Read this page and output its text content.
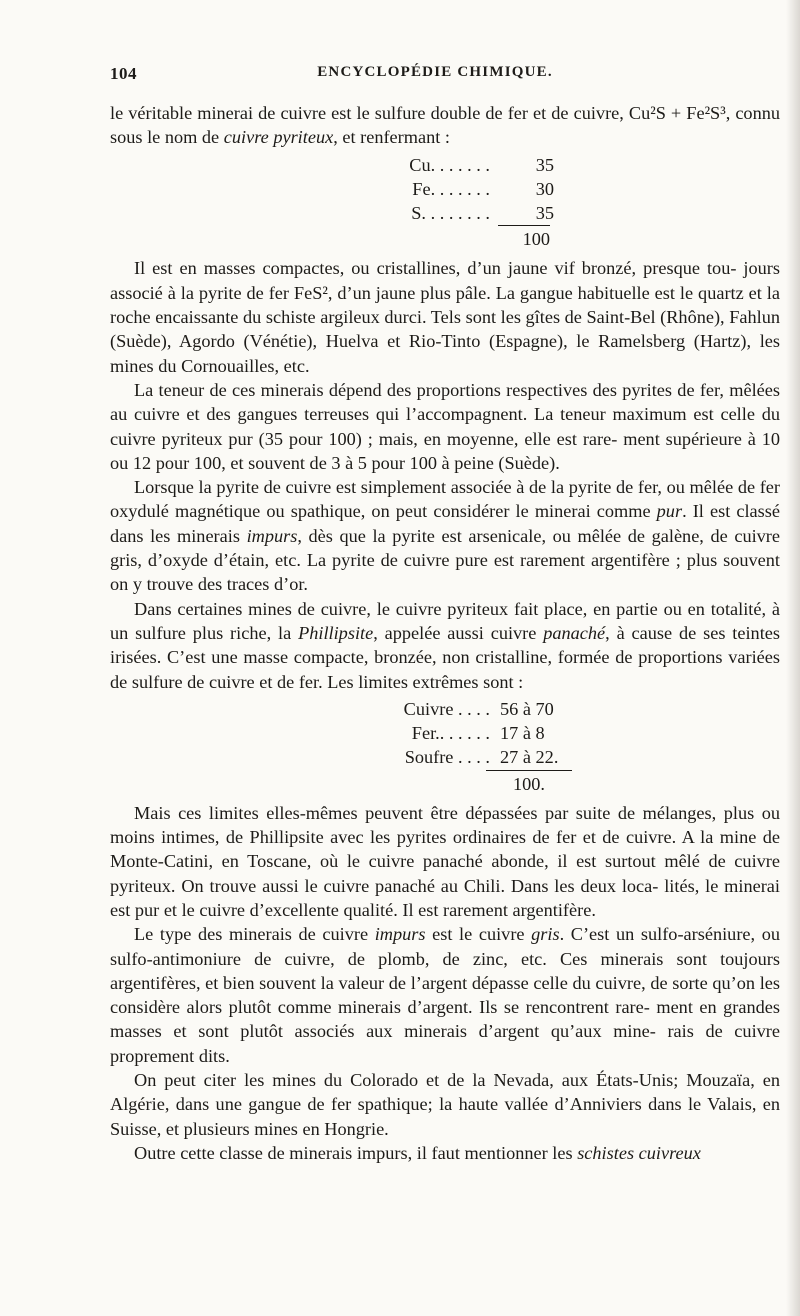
104	ENCYCLOPÉDIE CHIMIQUE.

le véritable minerai de cuivre est le sulfure double de fer et de cuivre, Cu²S + Fe²S³, connu sous le nom de cuivre pyriteux, et renfermant :

Cu. . . . . . .	35
Fe. . . . . . .	30
S. . . . . . . .	35
100

Il est en masses compactes, ou cristallines, d’un jaune vif bronzé, presque tou- jours associé à la pyrite de fer FeS², d’un jaune plus pâle. La gangue habituelle est le quartz et la roche encaissante du schiste argileux durci. Tels sont les gîtes de Saint-Bel (Rhône), Fahlun (Suède), Agordo (Vénétie), Huelva et Rio-Tinto (Espagne), le Ramelsberg (Hartz), les mines du Cornouailles, etc.

La teneur de ces minerais dépend des proportions respectives des pyrites de fer, mêlées au cuivre et des gangues terreuses qui l’accompagnent. La teneur maximum est celle du cuivre pyriteux pur (35 pour 100) ; mais, en moyenne, elle est rare- ment supérieure à 10 ou 12 pour 100, et souvent de 3 à 5 pour 100 à peine (Suède).

Lorsque la pyrite de cuivre est simplement associée à de la pyrite de fer, ou mêlée de fer oxydulé magnétique ou spathique, on peut considérer le minerai comme pur. Il est classé dans les minerais impurs, dès que la pyrite est arsenicale, ou mêlée de galène, de cuivre gris, d’oxyde d’étain, etc. La pyrite de cuivre pure est rarement argentifère ; plus souvent on y trouve des traces d’or.

Dans certaines mines de cuivre, le cuivre pyriteux fait place, en partie ou en totalité, à un sulfure plus riche, la Phillipsite, appelée aussi cuivre panaché, à cause de ses teintes irisées. C’est une masse compacte, bronzée, non cristalline, formée de proportions variées de sulfure de cuivre et de fer. Les limites extrêmes sont :

Cuivre . . . . 56 à 70
Fer.. . . . . . 17 à 8
Soufre . . . . 27 à 22.
100.

Mais ces limites elles-mêmes peuvent être dépassées par suite de mélanges, plus ou moins intimes, de Phillipsite avec les pyrites ordinaires de fer et de cuivre. A la mine de Monte-Catini, en Toscane, où le cuivre panaché abonde, il est surtout mêlé de cuivre pyriteux. On trouve aussi le cuivre panaché au Chili. Dans les deux loca- lités, le minerai est pur et le cuivre d’excellente qualité. Il est rarement argentifère.

Le type des minerais de cuivre impurs est le cuivre gris. C’est un sulfo-arséniure, ou sulfo-antimoniure de cuivre, de plomb, de zinc, etc. Ces minerais sont toujours argentifères, et bien souvent la valeur de l’argent dépasse celle du cuivre, de sorte qu’on les considère alors plutôt comme minerais d’argent. Ils se rencontrent rare- ment en grandes masses et sont plutôt associés aux minerais d’argent qu’aux mine- rais de cuivre proprement dits.

On peut citer les mines du Colorado et de la Nevada, aux États-Unis; Mouzaïa, en Algérie, dans une gangue de fer spathique; la haute vallée d’Anniviers dans le Valais, en Suisse, et plusieurs mines en Hongrie.

Outre cette classe de minerais impurs, il faut mentionner les schistes cuivreux
